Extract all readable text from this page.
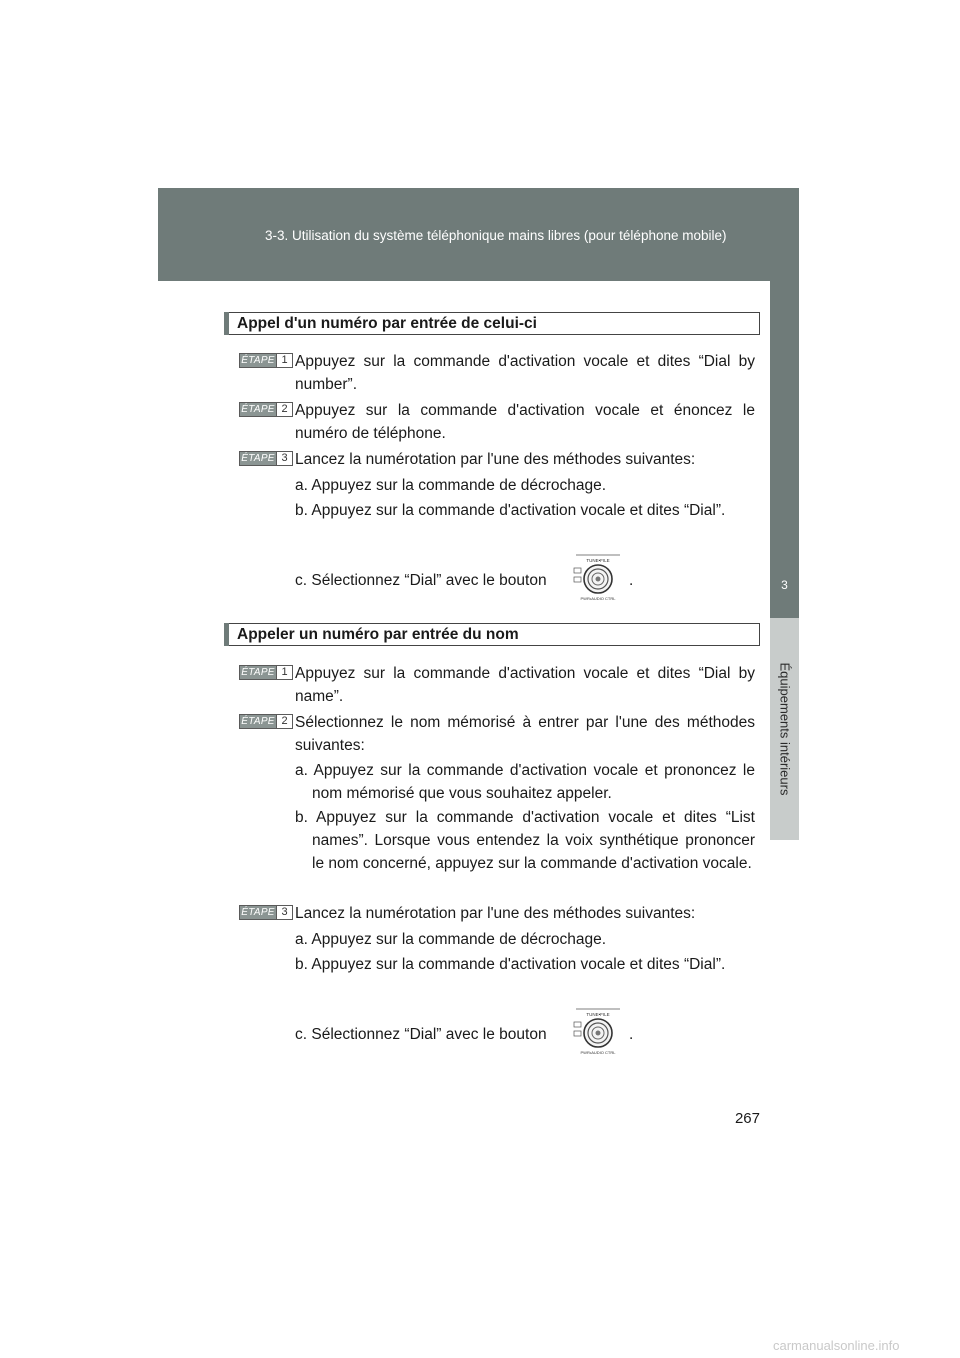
3-3. Utilisation du système téléphonique mains libres (pour téléphone mobile)
3
Équipements intérieurs
Appel d'un numéro par entrée de celui-ci
ÉTAPE 1 Appuyez sur la commande d'activation vocale et dites “Dial by number”.
ÉTAPE 2 Appuyez sur la commande d'activation vocale et énoncez le numéro de téléphone.
ÉTAPE 3 Lancez la numérotation par l'une des méthodes suivantes:
a. Appuyez sur la commande de décrochage.
b. Appuyez sur la commande d'activation vocale et dites “Dial”.
c. Sélectionnez “Dial” avec le bouton
TUNE•FILE
PWR•AUDIO CTRL
.
Appeler un numéro par entrée du nom
ÉTAPE 1 Appuyez sur la commande d'activation vocale et dites “Dial by name”.
ÉTAPE 2 Sélectionnez le nom mémorisé à entrer par l'une des méthodes suivantes:
a. Appuyez sur la commande d'activation vocale et prononcez le nom mémorisé que vous souhaitez appeler.
b. Appuyez sur la commande d'activation vocale et dites “List names”. Lorsque vous entendez la voix synthétique prononcer le nom concerné, appuyez sur la commande d'activation vocale.
ÉTAPE 3 Lancez la numérotation par l'une des méthodes suivantes:
a. Appuyez sur la commande de décrochage.
b. Appuyez sur la commande d'activation vocale et dites “Dial”.
c. Sélectionnez “Dial” avec le bouton
TUNE•FILE
PWR•AUDIO CTRL
.
267
carmanualsonline.info
